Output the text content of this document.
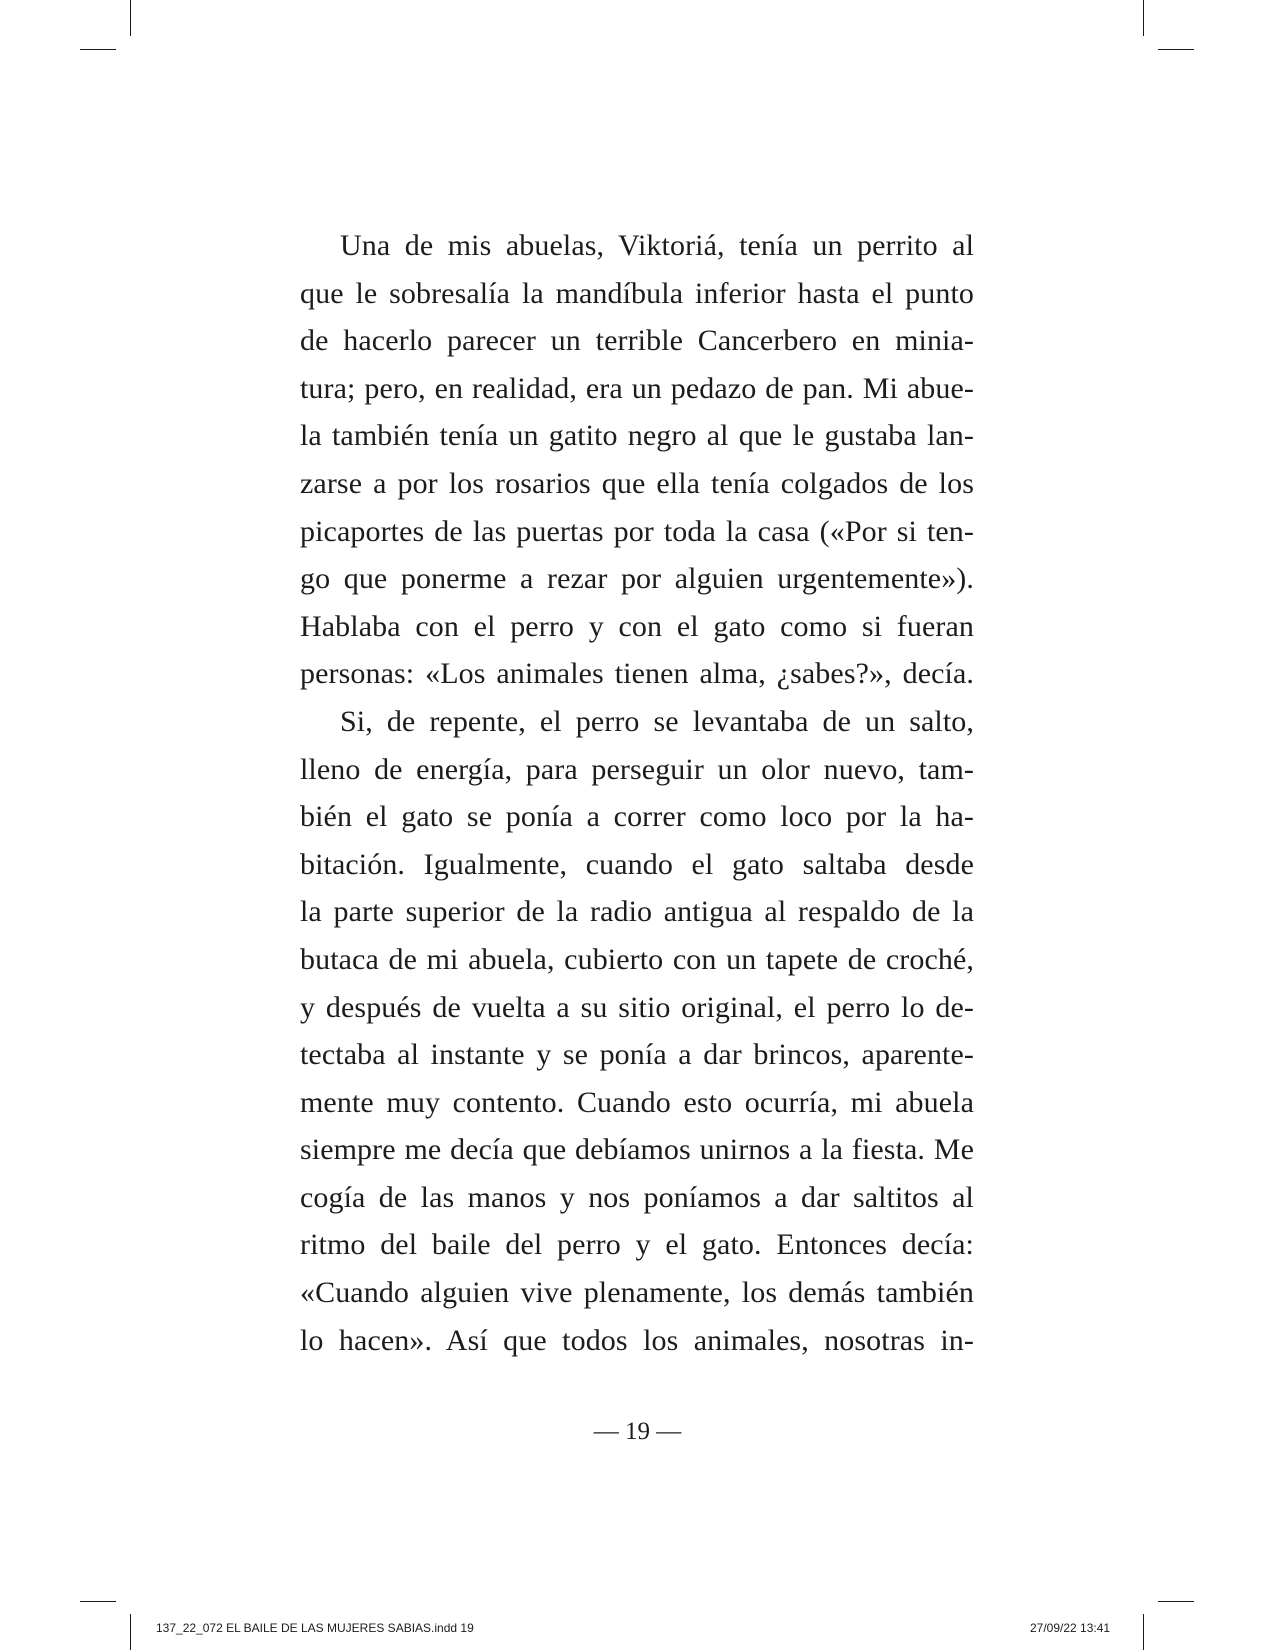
Una de mis abuelas, Viktoriá, tenía un perrito al
que le sobresalía la mandíbula inferior hasta el punto
de hacerlo parecer un terrible Cancerbero en minia-
tura; pero, en realidad, era un pedazo de pan. Mi abue-
la también tenía un gatito negro al que le gustaba lan-
zarse a por los rosarios que ella tenía colgados de los
picaportes de las puertas por toda la casa («Por si ten-
go que ponerme a rezar por alguien urgentemente»).
Hablaba con el perro y con el gato como si fueran
personas: «Los animales tienen alma, ¿sabes?», decía.

Si, de repente, el perro se levantaba de un salto,
lleno de energía, para perseguir un olor nuevo, tam-
bién el gato se ponía a correr como loco por la ha-
bitación. Igualmente, cuando el gato saltaba desde
la parte superior de la radio antigua al respaldo de la
butaca de mi abuela, cubierto con un tapete de croché,
y después de vuelta a su sitio original, el perro lo de-
tectaba al instante y se ponía a dar brincos, aparente-
mente muy contento. Cuando esto ocurría, mi abuela
siempre me decía que debíamos unirnos a la fiesta. Me
cogía de las manos y nos poníamos a dar saltitos al
ritmo del baile del perro y el gato. Entonces decía:
«Cuando alguien vive plenamente, los demás también
lo hacen». Así que todos los animales, nosotras in-

— 19 —
137_22_072 EL BAILE DE LAS MUJERES SABIAS.indd 19	27/09/22 13:41
